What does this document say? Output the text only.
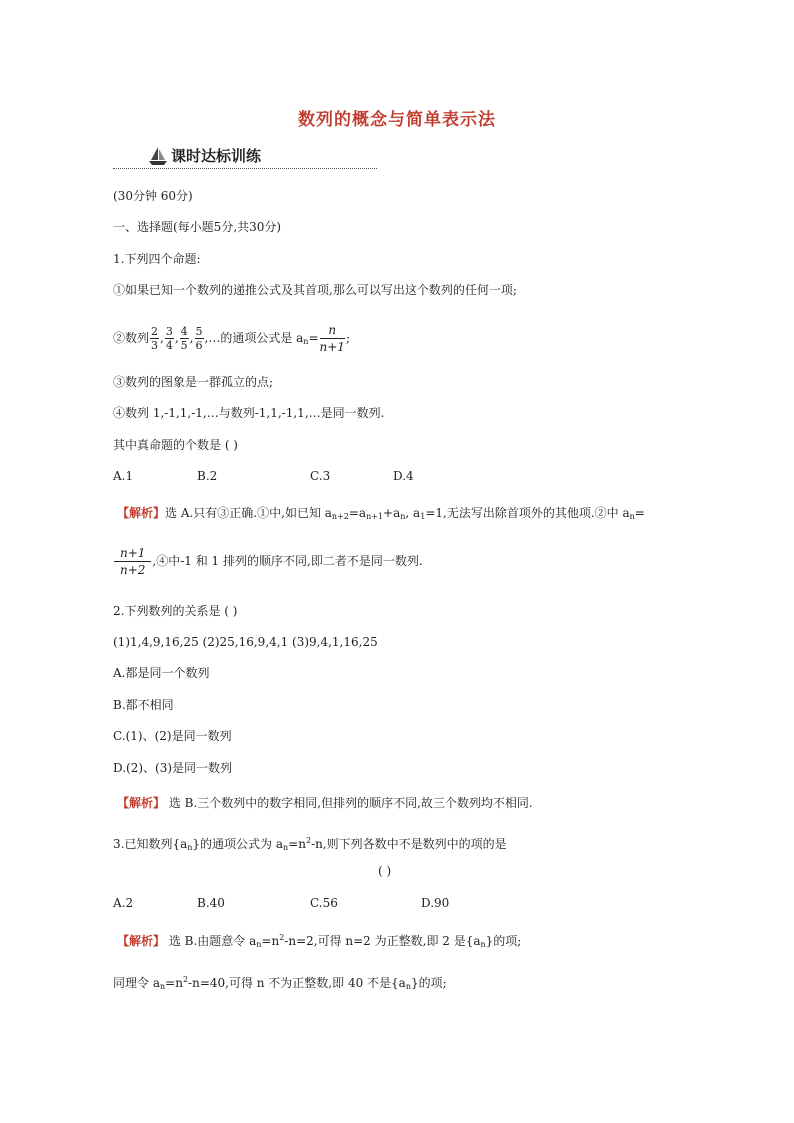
数列的概念与简单表示法
课时达标训练
(30分钟 60分)
一、选择题(每小题5分,共30分)
1.下列四个命题:
①如果已知一个数列的递推公式及其首项,那么可以写出这个数列的任何一项;
②数列 $\frac{2}{3}$ , $\frac{3}{4}$ , $\frac{4}{5}$ , $\frac{5}{6}$ ,…的通项公式是 $a_n= \frac{n}{n+1}$ ;
③数列的图象是一群孤立的点;
④数列 1,-1,1,-1,…与数列-1,1,-1,1,…是同一数列.
其中真命题的个数是 ( )
A.1	B.2	C.3	D.4
【解析】选 A.只有③正确.①中,如已知 $a_{n+2}=a_{n+1}+a_n$, $a_1=1$,无法写出除首项外的其他项.②中 $a_n=$
$\frac{n+1}{n+2}$ ,④中-1 和 1 排列的顺序不同,即二者不是同一数列.
2.下列数列的关系是 ( )
(1)1,4,9,16,25 (2)25,16,9,4,1 (3)9,4,1,16,25
A.都是同一个数列
B.都不相同
C.(1)、(2)是同一数列
D.(2)、(3)是同一数列
【解析】 选 B.三个数列中的数字相同,但排列的顺序不同,故三个数列均不相同.
3.已知数列$\{a_n\}$的通项公式为 $a_n=n^2-n$,则下列各数中不是数列中的项的是
( )
A.2	B.40	C.56	D.90
【解析】 选 B.由题意令 $a_n=n^2-n=2$,可得 n=2 为正整数,即 2 是$\{a_n\}$的项;
同理令 $a_n=n^2-n=40$,可得 n 不为正整数,即 40 不是$\{a_n\}$的项;
